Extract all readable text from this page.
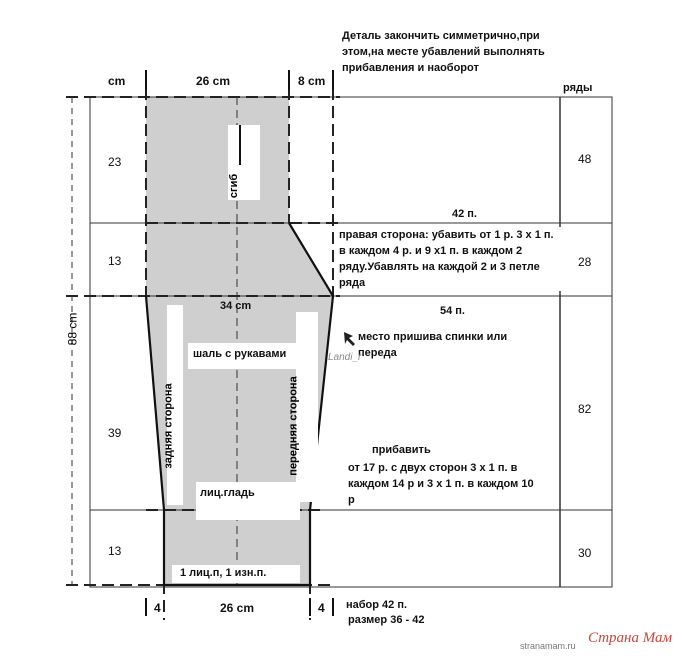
cm	26 cm	8 cm	ряды
Деталь закончить симметрично,при этом,на месте убавлений выполнять прибавления и наоборот
23
13
39
13
48
28
82
30
88 cm
сгиб
34 cm
шаль с рукавами
задняя сторона	передняя сторона
лиц.гладь
1 лиц.п, 1 изн.п.
42 п.
54 п.
правая сторона: убавить от 1 р. 3 х 1 п. в каждом 4 р. и 9 х1 п. в каждом 2 ряду.Убавлять на каждой 2 и 3 петле ряда
место пришива спинки или переда
прибавить
от 17 р. с двух сторон 3 х 1 п. в каждом 14 р и 3 х 1 п. в каждом 10 р
4	26 cm	4 набор 42 п.
размер 36 - 42
Landi_r
Страна Мам
stranamam.ru
